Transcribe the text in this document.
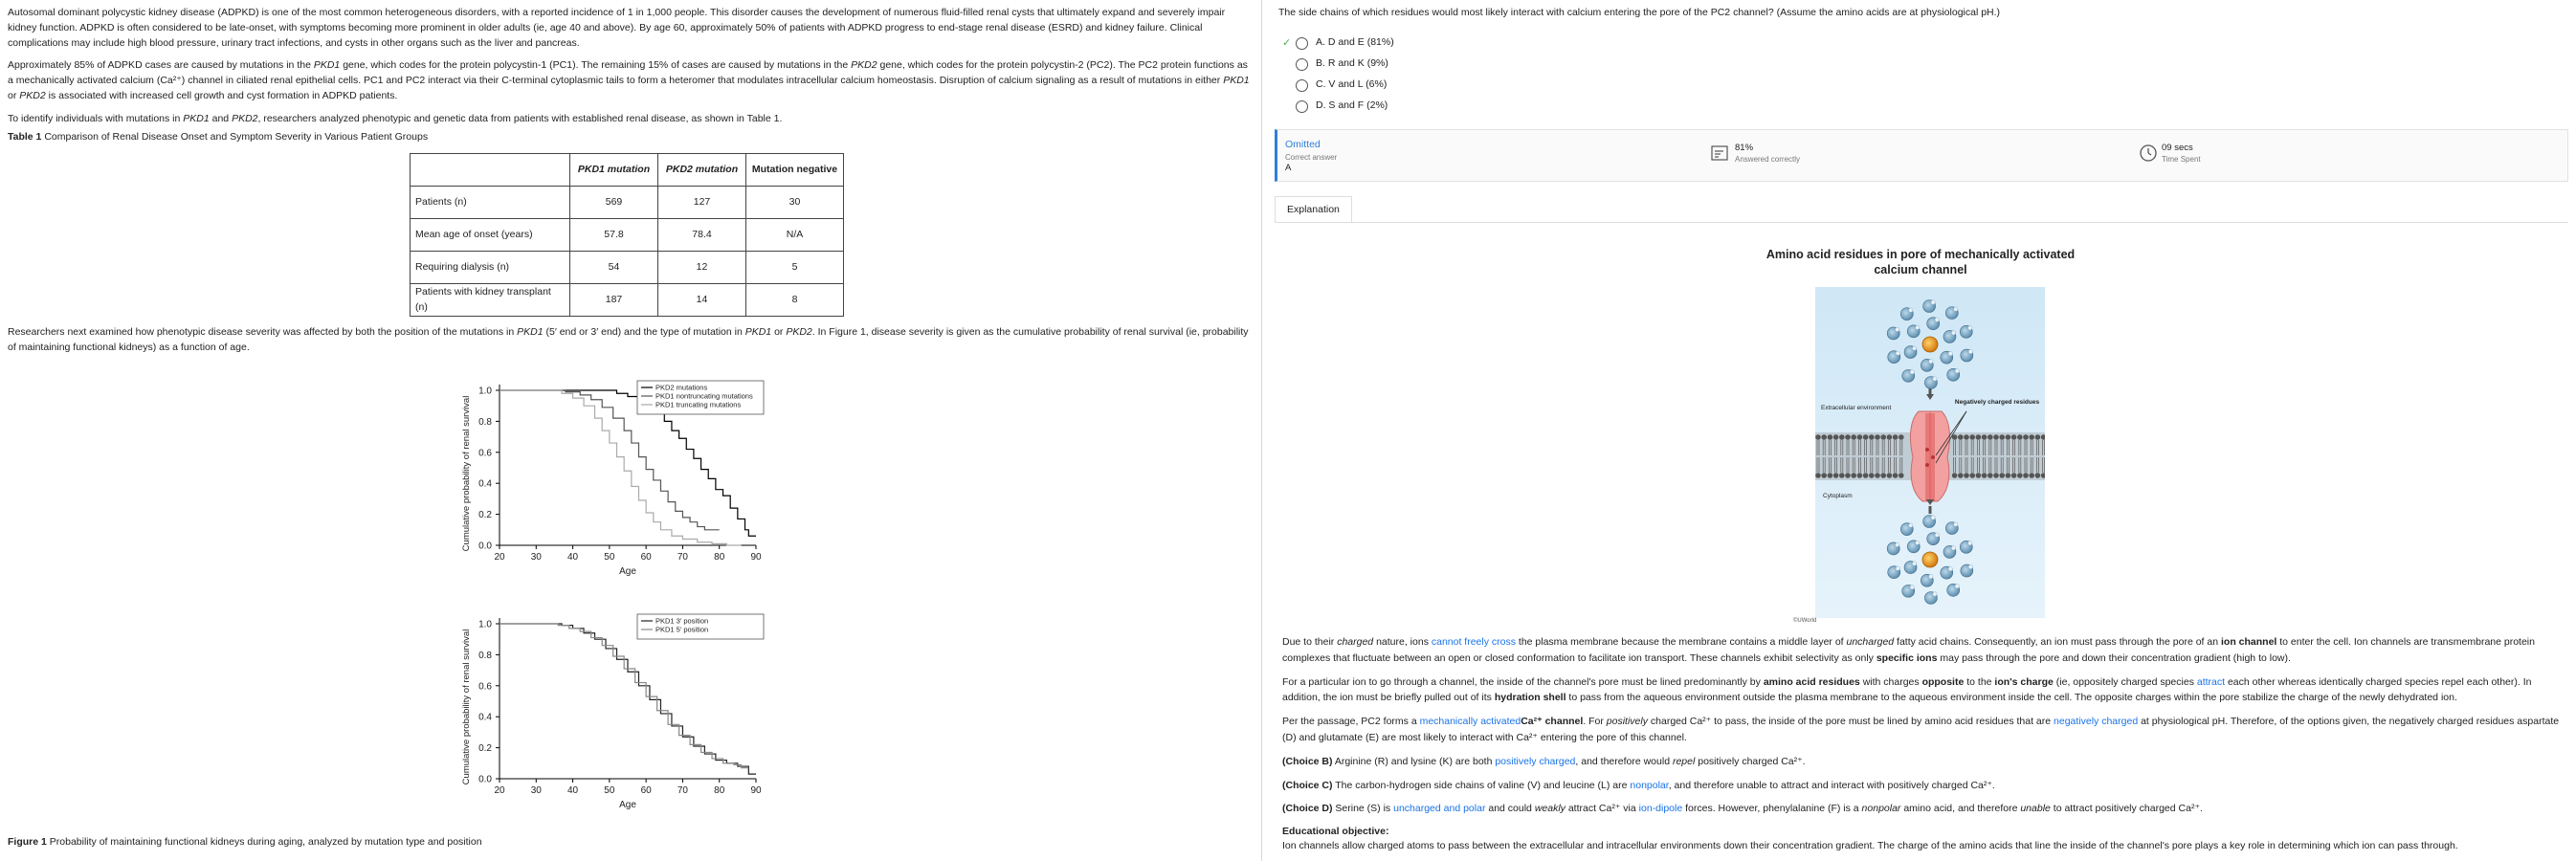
Autosomal dominant polycystic kidney disease (ADPKD) is one of the most common heterogeneous disorders, with a reported incidence of 1 in 1,000 people. This disorder causes the development of numerous fluid-filled renal cysts that ultimately expand and severely impair kidney function. ADPKD is often considered to be late-onset, with symptoms becoming more prominent in older adults (ie, age 40 and above). By age 60, approximately 50% of patients with ADPKD progress to end-stage renal disease (ESRD) and kidney failure. Clinical complications may include high blood pressure, urinary tract infections, and cysts in other organs such as the liver and pancreas.

Approximately 85% of ADPKD cases are caused by mutations in the PKD1 gene, which codes for the protein polycystin-1 (PC1). The remaining 15% of cases are caused by mutations in the PKD2 gene, which codes for the protein polycystin-2 (PC2). The PC2 protein functions as a mechanically activated calcium (Ca²⁺) channel in ciliated renal epithelial cells. PC1 and PC2 interact via their C-terminal cytoplasmic tails to form a heteromer that modulates intracellular calcium homeostasis. Disruption of calcium signaling as a result of mutations in either PKD1 or PKD2 is associated with increased cell growth and cyst formation in ADPKD patients.

To identify individuals with mutations in PKD1 and PKD2, researchers analyzed phenotypic and genetic data from patients with established renal disease, as shown in Table 1.

Table 1 Comparison of Renal Disease Onset and Symptom Severity in Various Patient Groups
	PKD1 mutation	PKD2 mutation	Mutation negative
Patients (n)	569	127	30
Mean age of onset (years)	57.8	78.4	N/A
Requiring dialysis (n)	54	12	5
Patients with kidney transplant (n)	187	14	8

Researchers next examined how phenotypic disease severity was affected by both the position of the mutations in PKD1 (5′ end or 3′ end) and the type of mutation in PKD1 or PKD2. In Figure 1, disease severity is given as the cumulative probability of renal survival (ie, probability of maintaining functional kidneys) as a function of age.

20	30	40	50	60	70	80	90
0.0
0.2
0.4
0.6
0.8
1.0
Age
Cumulative probability of renal survival
PKD2 mutations
PKD1 nontruncating mutations
PKD1 truncating mutations
20	30	40	50	60	70	80	90
0.0
0.2
0.4
0.6
0.8
1.0
Age
Cumulative probability of renal survival
PKD1 3′ position
PKD1 5′ position
Figure 1 Probability of maintaining functional kidneys during aging, analyzed by mutation type and position
The side chains of which residues would most likely interact with calcium entering the pore of the PC2 channel? (Assume the amino acids are at physiological pH.)
✓	A. D and E (81%)
B. R and K (9%)
C. V and L (6%)
D. S and F (2%)
Omitted
Correct answer
A
81%
Answered correctly
09 secs
Time Spent
Explanation
Amino acid residues in pore of mechanically activated calcium channel
Negatively charged residues
Extracellular environment
Cytoplasm
©UWorld

Due to their charged nature, ions cannot freely cross the plasma membrane because the membrane contains a middle layer of uncharged fatty acid chains. Consequently, an ion must pass through the pore of an ion channel to enter the cell. Ion channels are transmembrane protein complexes that fluctuate between an open or closed conformation to facilitate ion transport. These channels exhibit selectivity as only specific ions may pass through the pore and down their concentration gradient (high to low).

For a particular ion to go through a channel, the inside of the channel's pore must be lined predominantly by amino acid residues with charges opposite to the ion's charge (ie, oppositely charged species attract each other whereas identically charged species repel each other). In addition, the ion must be briefly pulled out of its hydration shell to pass from the aqueous environment outside the plasma membrane to the aqueous environment inside the cell. The opposite charges within the pore stabilize the charge of the newly dehydrated ion.

Per the passage, PC2 forms a mechanically activatedCa²⁺ channel. For positively charged Ca²⁺ to pass, the inside of the pore must be lined by amino acid residues that are negatively charged at physiological pH. Therefore, of the options given, the negatively charged residues aspartate (D) and glutamate (E) are most likely to interact with Ca²⁺ entering the pore of this channel.

(Choice B) Arginine (R) and lysine (K) are both positively charged, and therefore would repel positively charged Ca²⁺.

(Choice C) The carbon-hydrogen side chains of valine (V) and leucine (L) are nonpolar, and therefore unable to attract and interact with positively charged Ca²⁺.

(Choice D) Serine (S) is uncharged and polar and could weakly attract Ca²⁺ via ion-dipole forces. However, phenylalanine (F) is a nonpolar amino acid, and therefore unable to attract positively charged Ca²⁺.

Educational objective:
Ion channels allow charged atoms to pass between the extracellular and intracellular environments down their concentration gradient. The charge of the amino acids that line the inside of the channel's pore plays a key role in determining which ion can pass through.
